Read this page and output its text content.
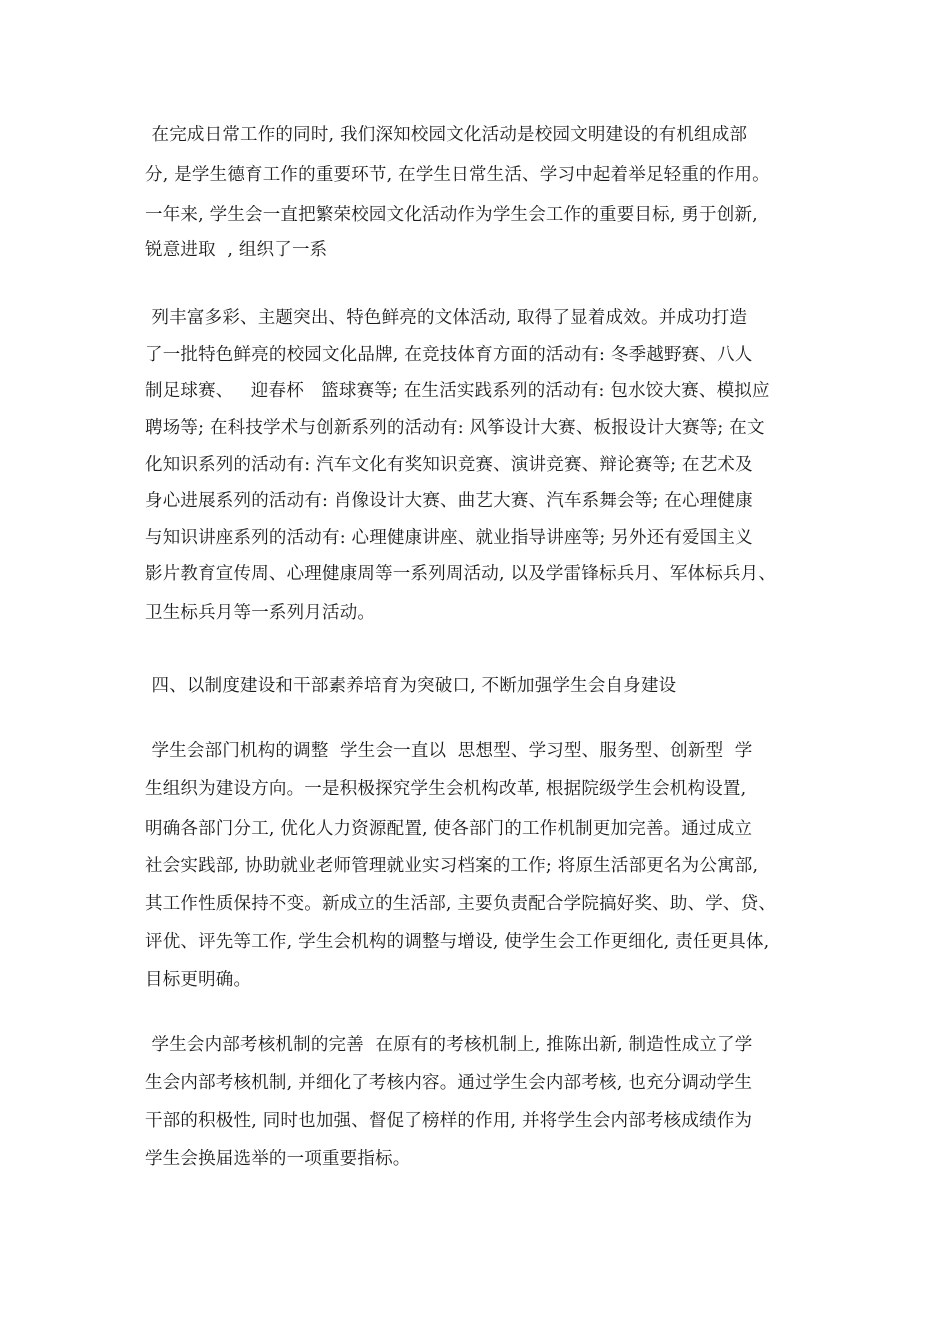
在完成日常工作的同时, 我们深知校园文化活动是校园文明建设的有机组成部
分, 是学生德育工作的重要环节, 在学生日常生活、学习中起着举足轻重的作用。
一年来, 学生会一直把繁荣校园文化活动作为学生会工作的重要目标, 勇于创新,
锐意进取  , 组织了一系
列丰富多彩、主题突出、特色鲜亮的文体活动, 取得了显着成效。并成功打造
了一批特色鲜亮的校园文化品牌, 在竞技体育方面的活动有: 冬季越野赛、八人
制足球赛、   迎春杯   篮球赛等; 在生活实践系列的活动有: 包水饺大赛、模拟应
聘场等; 在科技学术与创新系列的活动有: 风筝设计大赛、板报设计大赛等; 在文
化知识系列的活动有: 汽车文化有奖知识竞赛、演讲竞赛、辩论赛等; 在艺术及
身心进展系列的活动有: 肖像设计大赛、曲艺大赛、汽车系舞会等; 在心理健康
与知识讲座系列的活动有: 心理健康讲座、就业指导讲座等; 另外还有爱国主义
影片教育宣传周、心理健康周等一系列周活动, 以及学雷锋标兵月、军体标兵月、
卫生标兵月等一系列月活动。
四、以制度建设和干部素养培育为突破口, 不断加强学生会自身建设
学生会部门机构的调整  学生会一直以  思想型、学习型、服务型、创新型  学
生组织为建设方向。一是积极探究学生会机构改革, 根据院级学生会机构设置,
明确各部门分工, 优化人力资源配置, 使各部门的工作机制更加完善。通过成立
社会实践部, 协助就业老师管理就业实习档案的工作; 将原生活部更名为公寓部,
其工作性质保持不变。新成立的生活部, 主要负责配合学院搞好奖、助、学、贷、
评优、评先等工作, 学生会机构的调整与增设, 使学生会工作更细化, 责任更具体,
目标更明确。
学生会内部考核机制的完善  在原有的考核机制上, 推陈出新, 制造性成立了学
生会内部考核机制, 并细化了考核内容。通过学生会内部考核, 也充分调动学生
干部的积极性, 同时也加强、督促了榜样的作用, 并将学生会内部考核成绩作为
学生会换届选举的一项重要指标。
